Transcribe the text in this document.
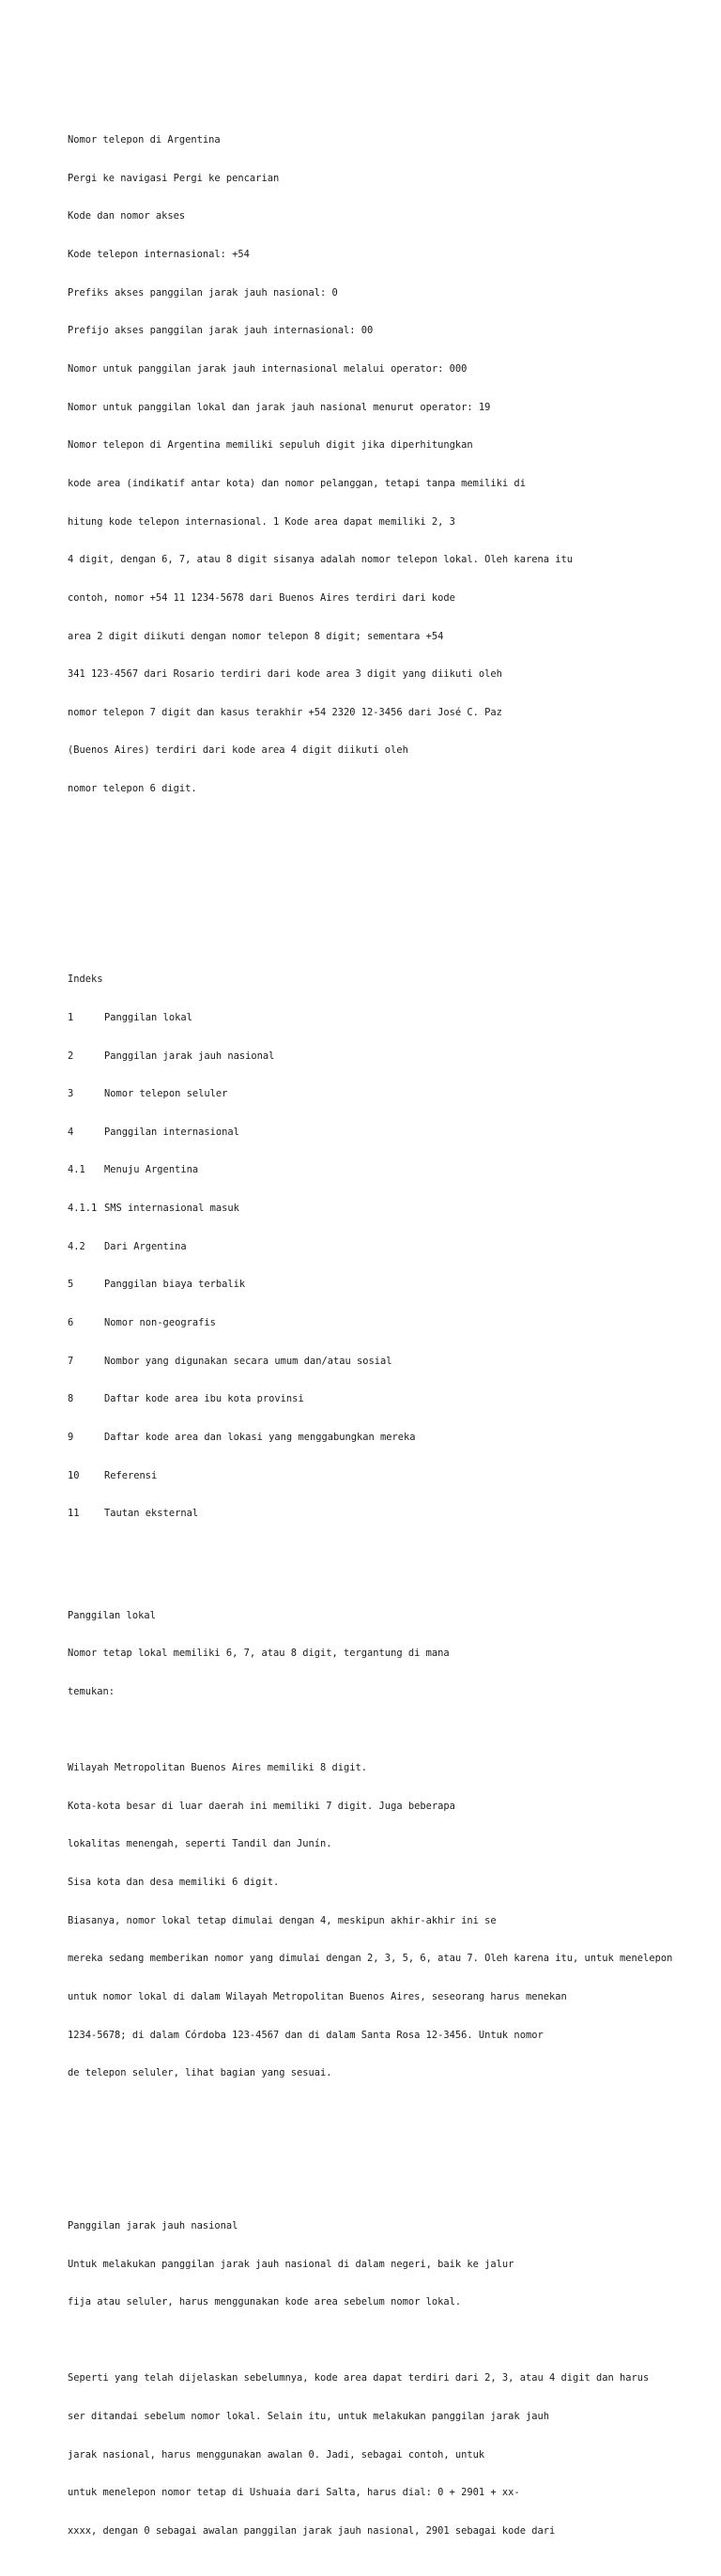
Nomor telepon di Argentina

Pergi ke navigasi Pergi ke pencarian

Kode dan nomor akses

Kode telepon internasional: +54

Prefiks akses panggilan jarak jauh nasional: 0

Prefijo akses panggilan jarak jauh internasional: 00

Nomor untuk panggilan jarak jauh internasional melalui operator: 000

Nomor untuk panggilan lokal dan jarak jauh nasional menurut operator: 19

Nomor telepon di Argentina memiliki sepuluh digit jika diperhitungkan

kode area (indikatif antar kota) dan nomor pelanggan, tetapi tanpa memiliki di

hitung kode telepon internasional. 1 Kode area dapat memiliki 2, 3

4 digit, dengan 6, 7, atau 8 digit sisanya adalah nomor telepon lokal. Oleh karena itu

contoh, nomor +54 11 1234-5678 dari Buenos Aires terdiri dari kode

area 2 digit diikuti dengan nomor telepon 8 digit; sementara +54

341 123-4567 dari Rosario terdiri dari kode area 3 digit yang diikuti oleh

nomor telepon 7 digit dan kasus terakhir +54 2320 12-3456 dari José C. Paz

(Buenos Aires) terdiri dari kode area 4 digit diikuti oleh

nomor telepon 6 digit.

Indeks

1	Panggilan lokal

2	Panggilan jarak jauh nasional

3	Nomor telepon seluler

4	Panggilan internasional

4.1 Menuju Argentina

4.1.1 SMS internasional masuk

4.2 Dari Argentina

5	Panggilan biaya terbalik

6	Nomor non-geografis

7	Nombor yang digunakan secara umum dan/atau sosial

8	Daftar kode area ibu kota provinsi

9	Daftar kode area dan lokasi yang menggabungkan mereka

10	Referensi

11	Tautan eksternal

Panggilan lokal

Nomor tetap lokal memiliki 6, 7, atau 8 digit, tergantung di mana

temukan:

Wilayah Metropolitan Buenos Aires memiliki 8 digit.

Kota-kota besar di luar daerah ini memiliki 7 digit. Juga beberapa

lokalitas menengah, seperti Tandil dan Junín.

Sisa kota dan desa memiliki 6 digit.

Biasanya, nomor lokal tetap dimulai dengan 4, meskipun akhir-akhir ini se

mereka sedang memberikan nomor yang dimulai dengan 2, 3, 5, 6, atau 7. Oleh karena itu, untuk menelepon

untuk nomor lokal di dalam Wilayah Metropolitan Buenos Aires, seseorang harus menekan

1234-5678; di dalam Córdoba 123-4567 dan di dalam Santa Rosa 12-3456. Untuk nomor

de telepon seluler, lihat bagian yang sesuai.

Panggilan jarak jauh nasional

Untuk melakukan panggilan jarak jauh nasional di dalam negeri, baik ke jalur

fija atau seluler, harus menggunakan kode area sebelum nomor lokal.

Seperti yang telah dijelaskan sebelumnya, kode area dapat terdiri dari 2, 3, atau 4 digit dan harus

ser ditandai sebelum nomor lokal. Selain itu, untuk melakukan panggilan jarak jauh

jarak nasional, harus menggunakan awalan 0. Jadi, sebagai contoh, untuk

untuk menelepon nomor tetap di Ushuaia dari Salta, harus dial: 0 + 2901 + xx-

xxxx, dengan 0 sebagai awalan panggilan jarak jauh nasional, 2901 sebagai kode dari
